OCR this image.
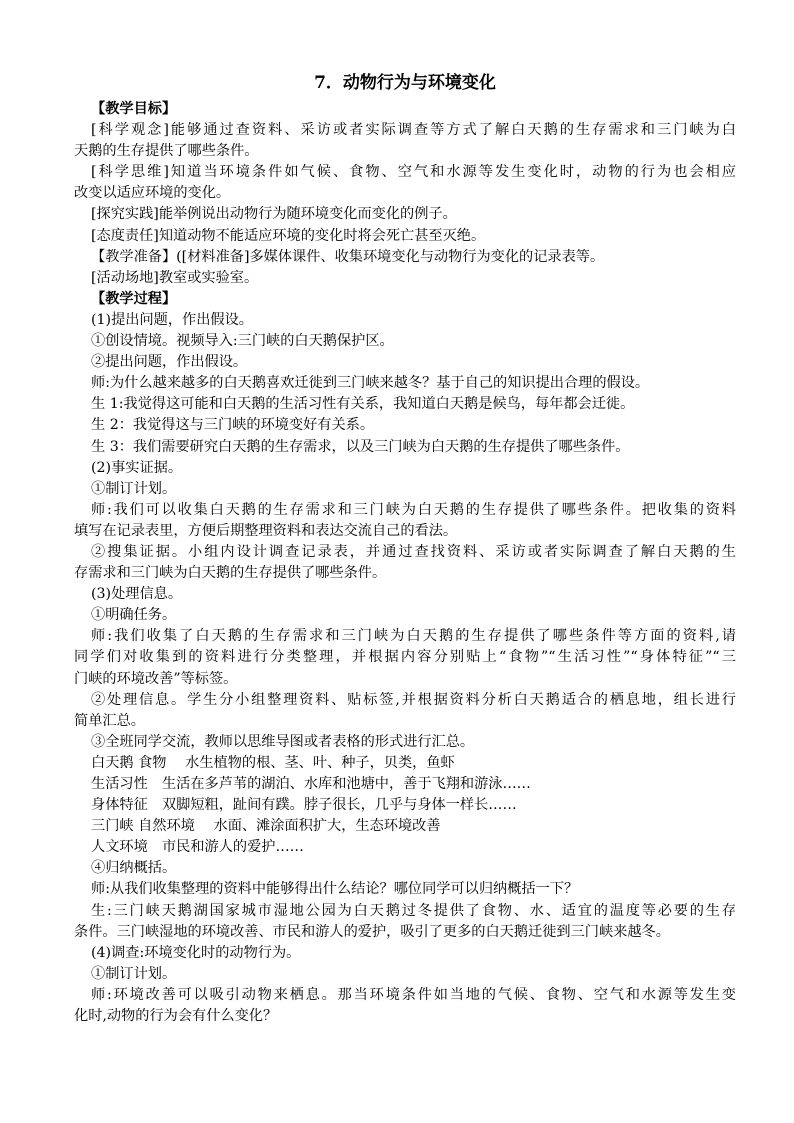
7．动物行为与环境变化
【教学目标】
[科学观念]能够通过查资料、采访或者实际调查等方式了解白天鹅的生存需求和三门峡为白
天鹅的生存提供了哪些条件。
[科学思维]知道当环境条件如气候、食物、空气和水源等发生变化时，动物的行为也会相应
改变以适应环境的变化。
[探究实践]能举例说出动物行为随环境变化而变化的例子。
[态度责任]知道动物不能适应环境的变化时将会死亡甚至灭绝。
【教学准备】([材料准备]多媒体课件、收集环境变化与动物行为变化的记录表等。
[活动场地]教室或实验室。
【教学过程】
(1)提出问题，作出假设。
①创设情境。视频导入:三门峡的白天鹅保护区。
②提出问题，作出假设。
师:为什么越来越多的白天鹅喜欢迁徙到三门峡来越冬？基于自己的知识提出合理的假设。
生 1:我觉得这可能和白天鹅的生活习性有关系，我知道白天鹅是候鸟，每年都会迁徙。
生 2：我觉得这与三门峡的环境变好有关系。
生 3：我们需要研究白天鹅的生存需求，以及三门峡为白天鹅的生存提供了哪些条件。
(2)事实证据。
①制订计划。
师:我们可以收集白天鹅的生存需求和三门峡为白天鹅的生存提供了哪些条件。把收集的资料
填写在记录表里，方便后期整理资料和表达交流自己的看法。
②搜集证据。小组内设计调查记录表，并通过查找资料、采访或者实际调查了解白天鹅的生
存需求和三门峡为白天鹅的生存提供了哪些条件。
(3)处理信息。
①明确任务。
师:我们收集了白天鹅的生存需求和三门峡为白天鹅的生存提供了哪些条件等方面的资料,请
同学们对收集到的资料进行分类整理，并根据内容分别贴上“食物”“生活习性”“身体特征”“三
门峡的环境改善”等标签。
②处理信息。学生分小组整理资料、贴标签,并根据资料分析白天鹅适合的栖息地，组长进行
简单汇总。
③全班同学交流，教师以思维导图或者表格的形式进行汇总。
白天鹅 食物　 水生植物的根、茎、叶、种子，贝类，鱼虾
生活习性　生活在多芦苇的湖泊、水库和池塘中，善于飞翔和游泳……
身体特征　双脚短粗，趾间有蹼。脖子很长，几乎与身体一样长……
三门峡 自然环境　 水面、滩涂面积扩大，生态环境改善
人文环境　市民和游人的爱护……
④归纳概括。
师:从我们收集整理的资料中能够得出什么结论？哪位同学可以归纳概括一下？
生:三门峡天鹅湖国家城市湿地公园为白天鹅过冬提供了食物、水、适宜的温度等必要的生存
条件。三门峡湿地的环境改善、市民和游人的爱护，吸引了更多的白天鹅迁徙到三门峡来越冬。
(4)调查:环境变化时的动物行为。
①制订计划。
师:环境改善可以吸引动物来栖息。那当环境条件如当地的气候、食物、空气和水源等发生变
化时,动物的行为会有什么变化？
